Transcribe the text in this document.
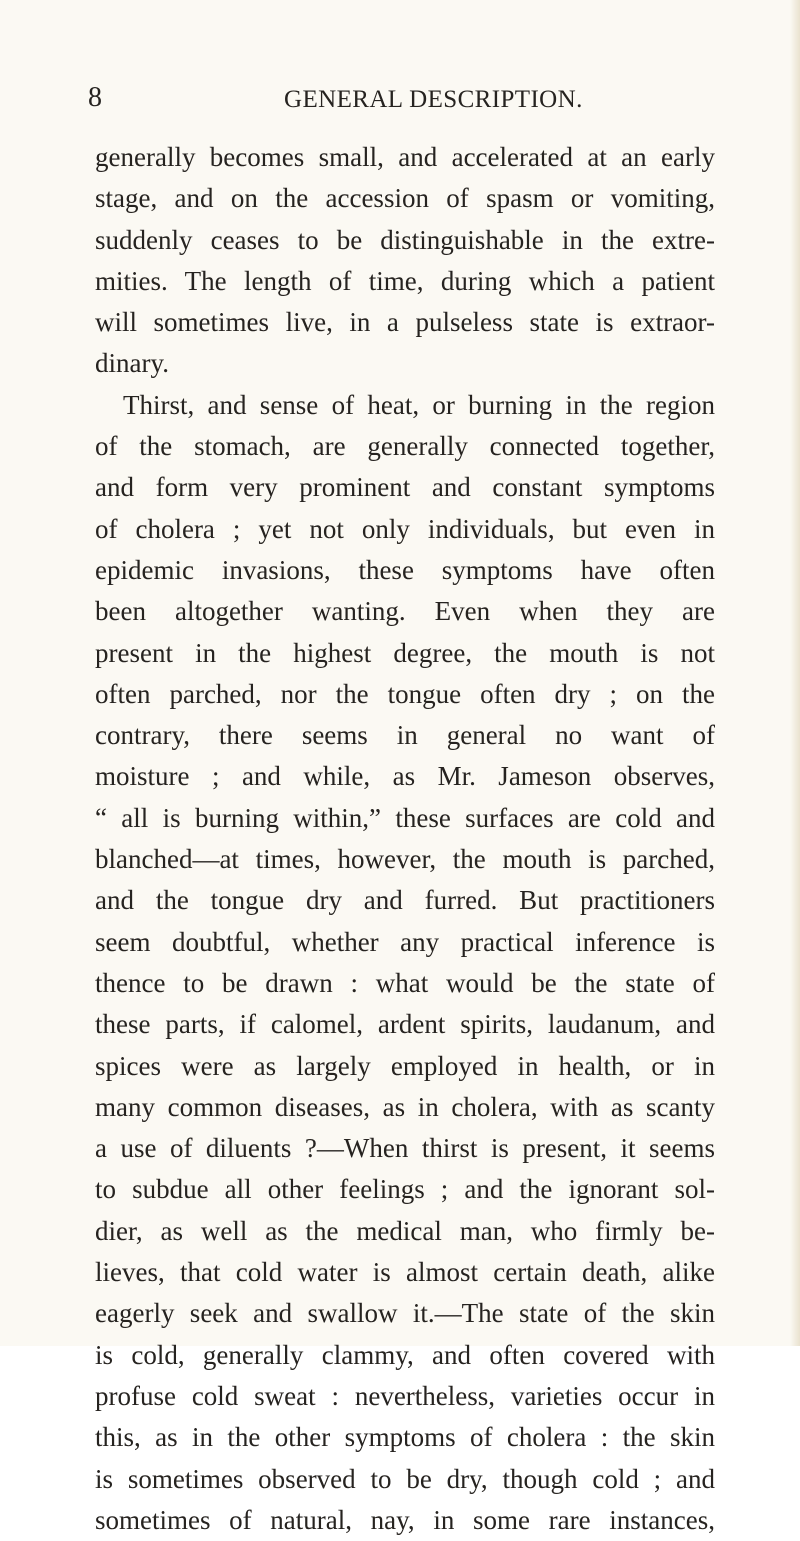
8	GENERAL DESCRIPTION.
generally becomes small, and accelerated at an early
stage, and on the accession of spasm or vomiting,
suddenly ceases to be distinguishable in the extre-
mities. The length of time, during which a patient
will sometimes live, in a pulseless state is extraor-
dinary.
Thirst, and sense of heat, or burning in the region
of the stomach, are generally connected together,
and form very prominent and constant symptoms
of cholera ; yet not only individuals, but even in
epidemic invasions, these symptoms have often
been altogether wanting. Even when they are
present in the highest degree, the mouth is not
often parched, nor the tongue often dry ; on the
contrary, there seems in general no want of
moisture ; and while, as Mr. Jameson observes,
“ all is burning within,” these surfaces are cold and
blanched—at times, however, the mouth is parched,
and the tongue dry and furred. But practitioners
seem doubtful, whether any practical inference is
thence to be drawn : what would be the state of
these parts, if calomel, ardent spirits, laudanum, and
spices were as largely employed in health, or in
many common diseases, as in cholera, with as scanty
a use of diluents ?—When thirst is present, it seems
to subdue all other feelings ; and the ignorant sol-
dier, as well as the medical man, who firmly be-
lieves, that cold water is almost certain death, alike
eagerly seek and swallow it.—The state of the skin
is cold, generally clammy, and often covered with
profuse cold sweat : nevertheless, varieties occur in
this, as in the other symptoms of cholera : the skin
is sometimes observed to be dry, though cold ; and
sometimes of natural, nay, in some rare instances,
